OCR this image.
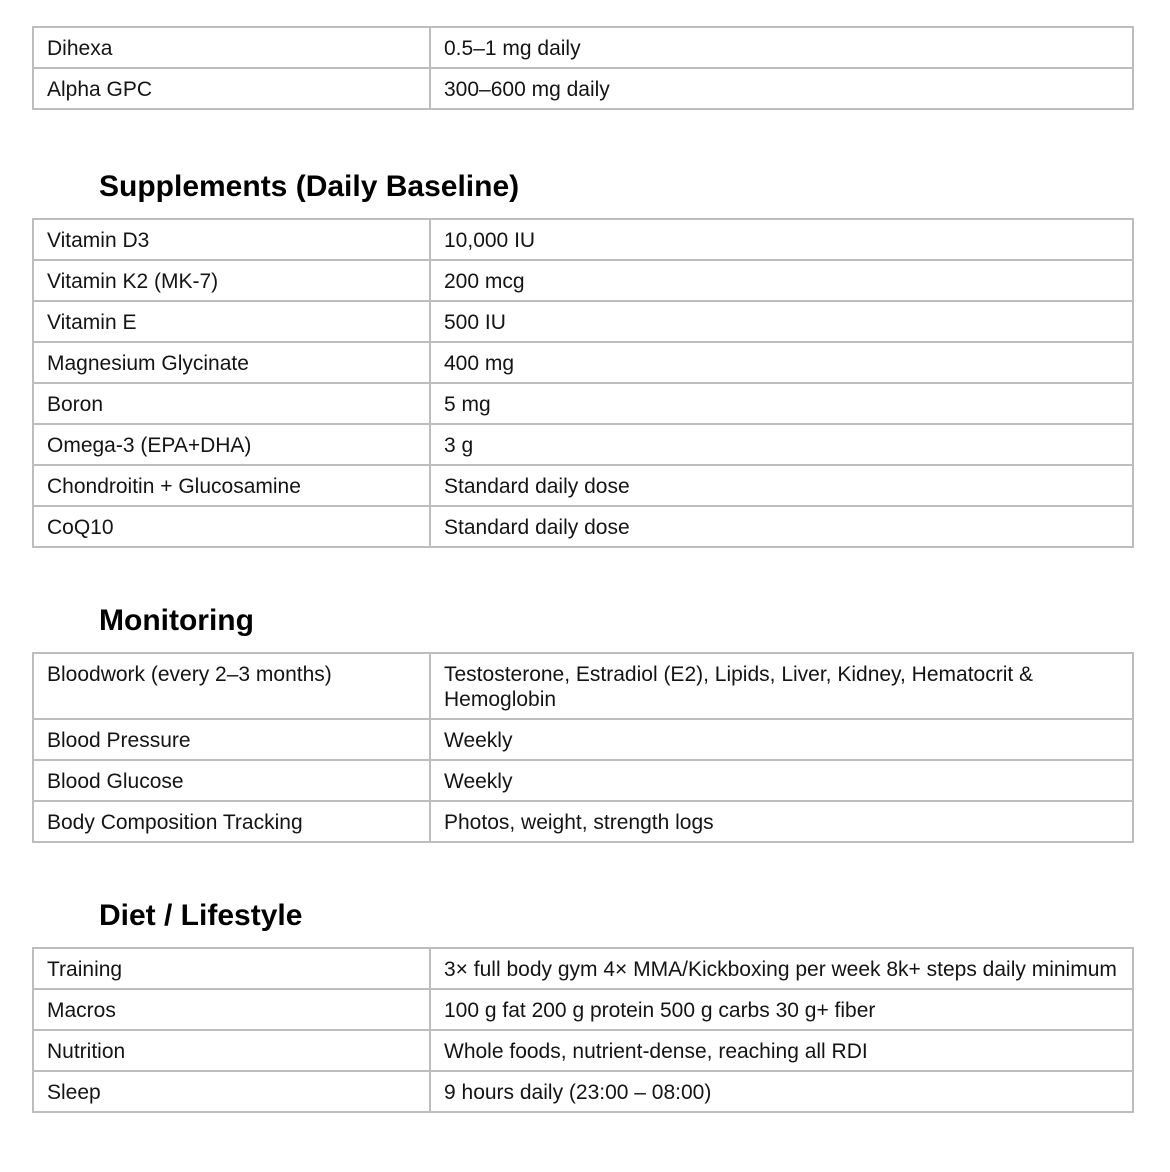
Dihexa	0.5–1 mg daily
Alpha GPC	300–600 mg daily
Supplements (Daily Baseline)
Vitamin D3	10,000 IU
Vitamin K2 (MK-7)	200 mcg
Vitamin E	500 IU
Magnesium Glycinate	400 mg
Boron	5 mg
Omega-3 (EPA+DHA)	3 g
Chondroitin + Glucosamine	Standard daily dose
CoQ10	Standard daily dose
Monitoring
Bloodwork (every 2–3 months)	Testosterone, Estradiol (E2), Lipids, Liver, Kidney, Hematocrit & Hemoglobin
Blood Pressure	Weekly
Blood Glucose	Weekly
Body Composition Tracking	Photos, weight, strength logs
Diet / Lifestyle
Training	3× full body gym 4× MMA/Kickboxing per week 8k+ steps daily minimum
Macros	100 g fat 200 g protein 500 g carbs 30 g+ fiber
Nutrition	Whole foods, nutrient-dense, reaching all RDI
Sleep	9 hours daily (23:00 – 08:00)
